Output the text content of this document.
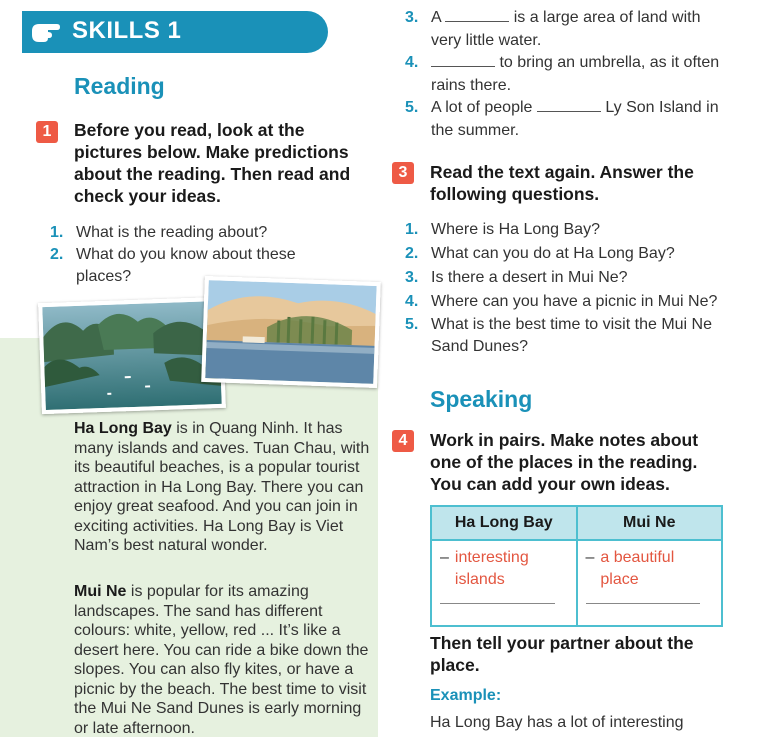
SKILLS 1
Reading
1	Before you read, look at the pictures below. Make predictions about the reading. Then read and check your ideas.
1. What is the reading about?
2. What do you know about these places?
Ha Long Bay is in Quang Ninh. It has many islands and caves. Tuan Chau, with its beautiful beaches, is a popular tourist attraction in Ha Long Bay. There you can enjoy great seafood. And you can join in exciting activities. Ha Long Bay is Viet Nam’s best natural wonder.
Mui Ne is popular for its amazing landscapes. The sand has different colours: white, yellow, red ... It’s like a desert here. You can ride a bike down the slopes. You can also fly kites, or have a picnic by the beach. The best time to visit the Mui Ne Sand Dunes is early morning or late afternoon.
3. A	is a large area of land with very little water.
4.	to bring an umbrella, as it often rains there.
5. A lot of people	Ly Son Island in the summer.
3	Read the text again. Answer the following questions.
1. Where is Ha Long Bay?
2. What can you do at Ha Long Bay?
3. Is there a desert in Mui Ne?
4. Where can you have a picnic in Mui Ne?
5. What is the best time to visit the Mui Ne Sand Dunes?
Speaking
4	Work in pairs. Make notes about one of the places in the reading. You can add your own ideas.
Ha Long Bay	Mui Ne

– interesting islands	– a beautiful place
Then tell your partner about the place.
Example:
Ha Long Bay has a lot of interesting
